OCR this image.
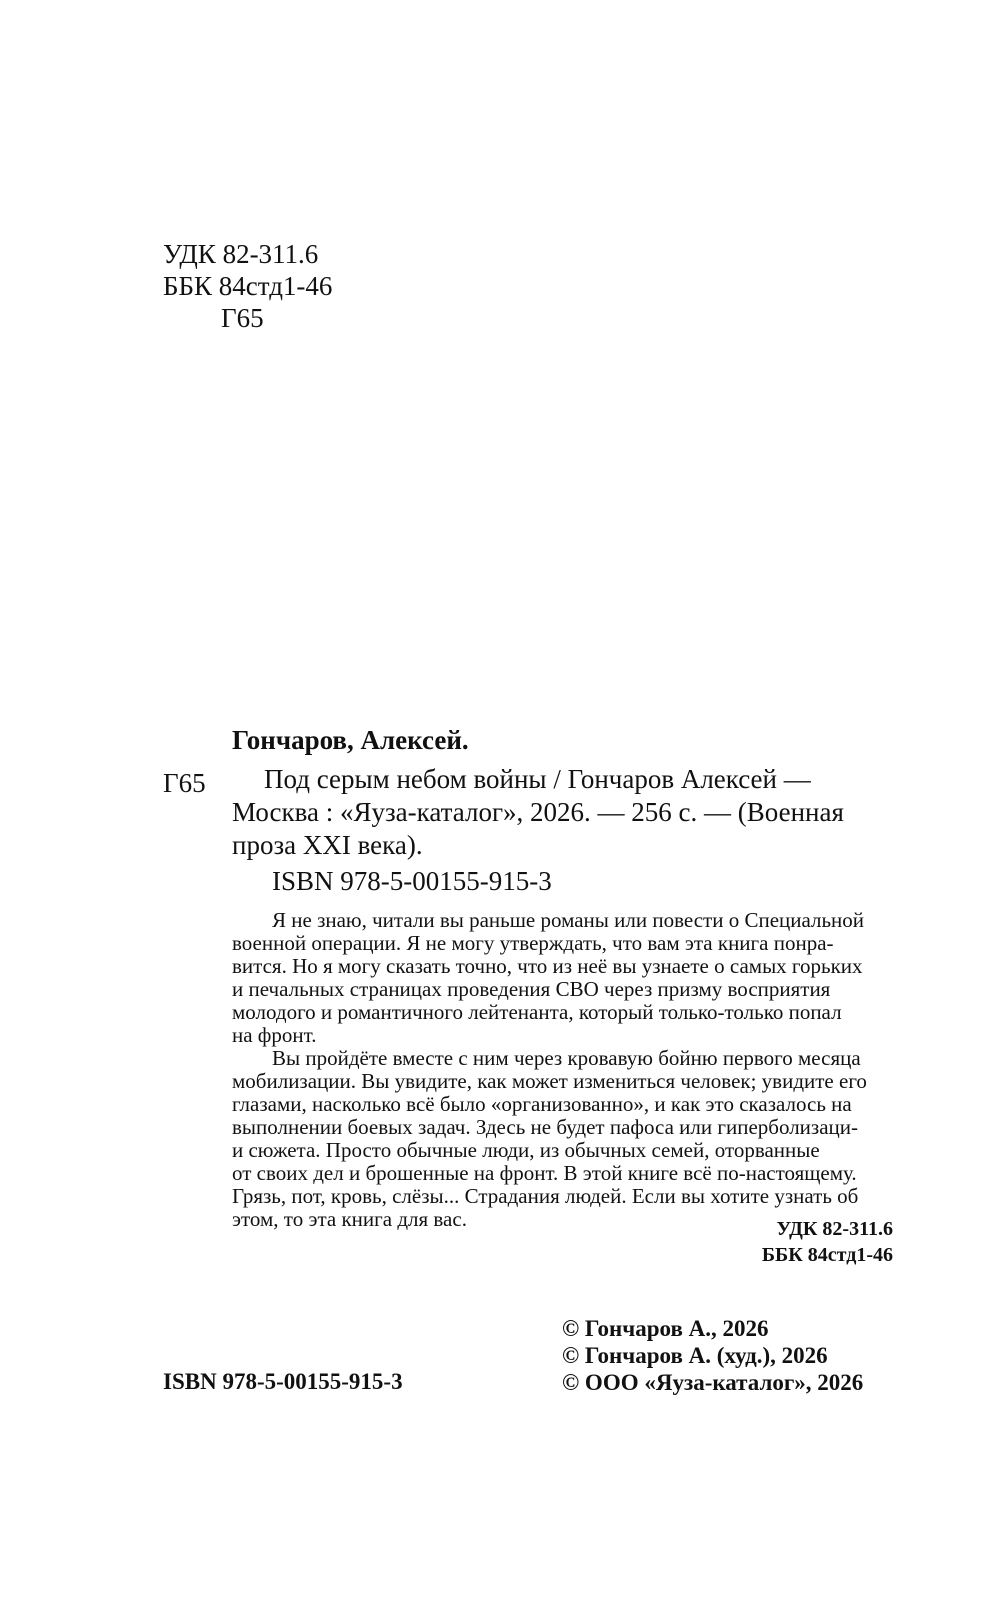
УДК 82-311.6
ББК 84стд1-46
Г65
Гончаров, Алексей.
Г65	Под серым небом войны / Гончаров Алексей —
Москва : «Яуза-каталог», 2026. — 256 с. — (Военная
проза XXI века).
ISBN 978-5-00155-915-3
Я не знаю, читали вы раньше романы или повести о Специальной
военной операции. Я не могу утверждать, что вам эта книга понра-
вится. Но я могу сказать точно, что из неё вы узнаете о самых горьких
и печальных страницах проведения СВО через призму восприятия
молодого и романтичного лейтенанта, который только-только попал
на фронт.
Вы пройдёте вместе с ним через кровавую бойню первого месяца
мобилизации. Вы увидите, как может измениться человек; увидите его
глазами, насколько всё было «организованно», и как это сказалось на
выполнении боевых задач. Здесь не будет пафоса или гиперболизаци-
и сюжета. Просто обычные люди, из обычных семей, оторванные
от своих дел и брошенные на фронт. В этой книге всё по-настоящему.
Грязь, пот, кровь, слёзы... Страдания людей. Если вы хотите узнать об
этом, то эта книга для вас.	УДК 82-311.6
ББК 84стд1-46
© Гончаров А., 2026
© Гончаров А. (худ.), 2026
© ООО «Яуза-каталог», 2026
ISBN 978-5-00155-915-3
